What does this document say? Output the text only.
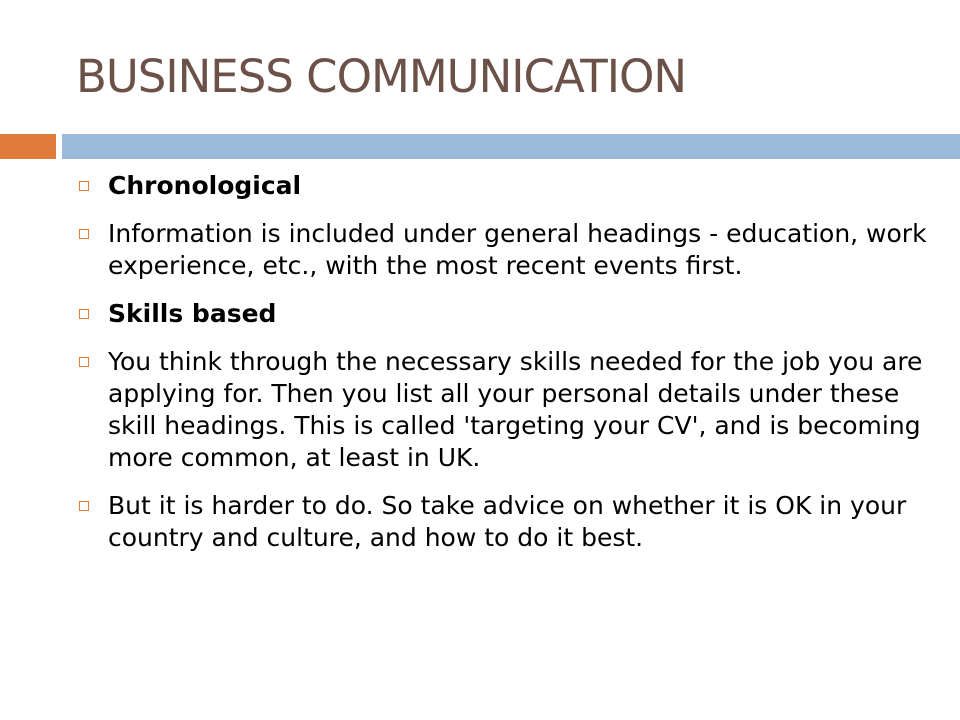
BUSINESS COMMUNICATION
Chronological
Information is included under general headings - education, work experience, etc., with the most recent events first.
Skills based
You think through the necessary skills needed for the job you are applying for. Then you list all your personal details under these skill headings. This is called 'targeting your CV', and is becoming more common, at least in UK.
But it is harder to do. So take advice on whether it is OK in your country and culture, and how to do it best.
